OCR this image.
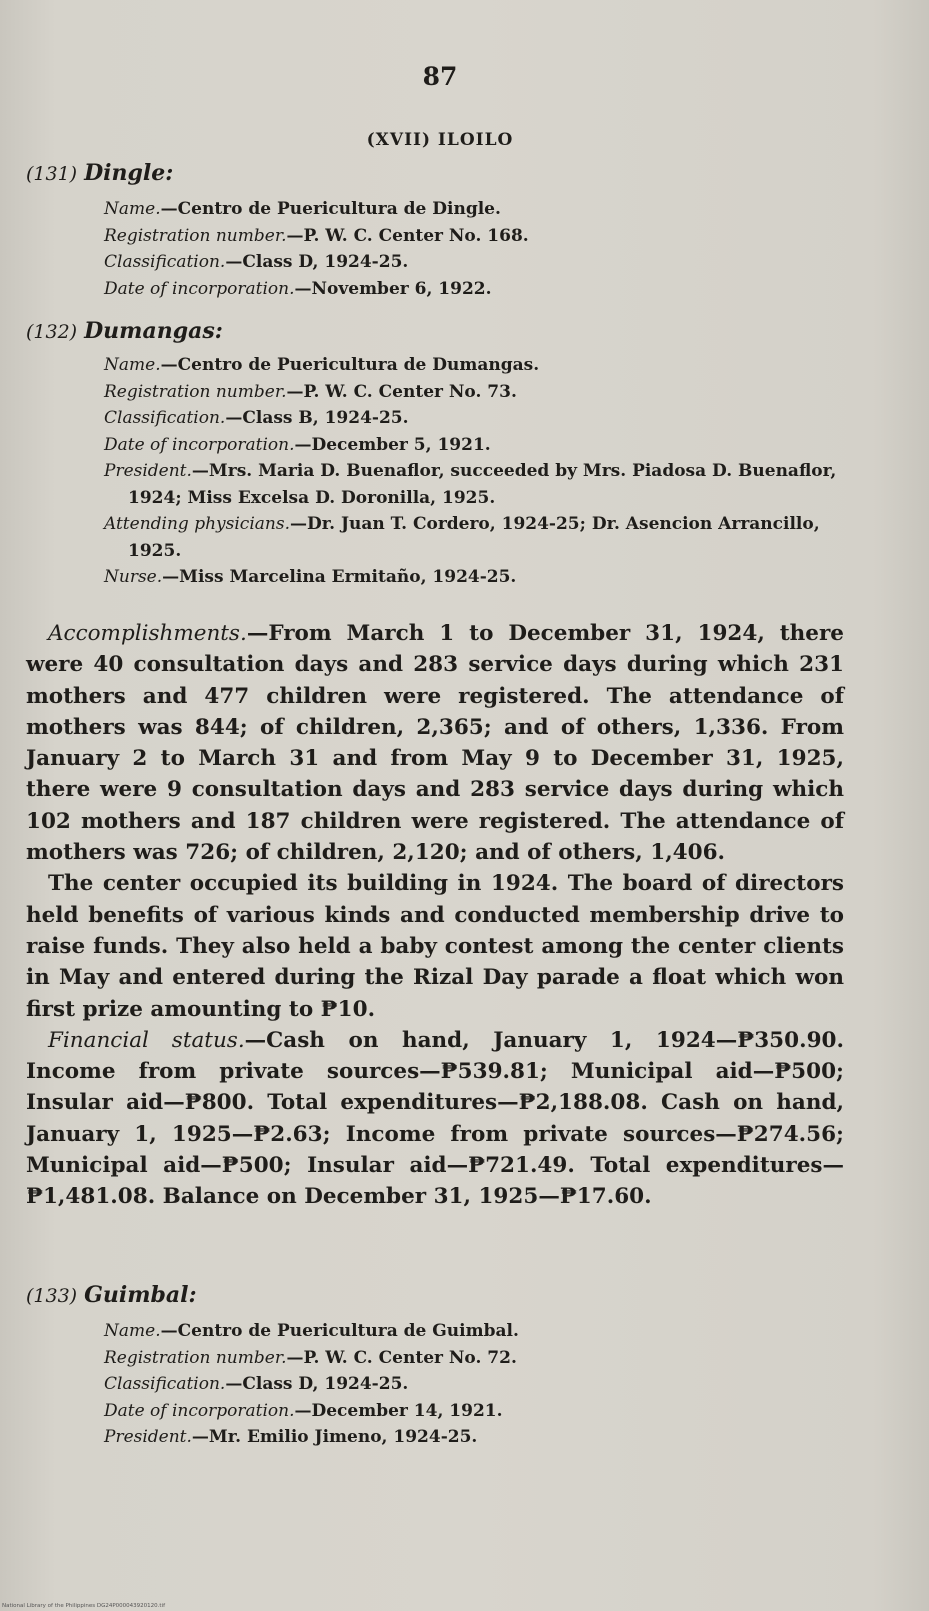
87
(XVII) ILOILO
(131) Dingle:
Name.—Centro de Puericultura de Dingle.
Registration number.—P. W. C. Center No. 168.
Classification.—Class D, 1924-25.
Date of incorporation.—November 6, 1922.
(132) Dumangas:
Name.—Centro de Puericultura de Dumangas.
Registration number.—P. W. C. Center No. 73.
Classification.—Class B, 1924-25.
Date of incorporation.—December 5, 1921.
President.—Mrs. Maria D. Buenaflor, succeeded by Mrs. Piadosa D. Buenaflor, 1924; Miss Excelsa D. Doronilla, 1925.
Attending physicians.—Dr. Juan T. Cordero, 1924-25; Dr. Asencion Arrancillo, 1925.
Nurse.—Miss Marcelina Ermitaño, 1924-25.

Accomplishments.—From March 1 to December 31, 1924, there were 40 consultation days and 283 service days during which 231 mothers and 477 children were registered. The attendance of mothers was 844; of children, 2,365; and of others, 1,336. From January 2 to March 31 and from May 9 to December 31, 1925, there were 9 consultation days and 283 service days during which 102 mothers and 187 children were registered. The attendance of mothers was 726; of children, 2,120; and of others, 1,406.

The center occupied its building in 1924. The board of directors held benefits of various kinds and conducted membership drive to raise funds. They also held a baby contest among the center clients in May and entered during the Rizal Day parade a float which won first prize amounting to ₱10.

Financial status.—Cash on hand, January 1, 1924—₱350.90. Income from private sources—₱539.81; Municipal aid—₱500; Insular aid—₱800. Total expenditures—₱2,188.08. Cash on hand, January 1, 1925—₱2.63; Income from private sources—₱274.56; Municipal aid—₱500; Insular aid—₱721.49. Total expenditures—₱1,481.08. Balance on December 31, 1925—₱17.60.

(133) Guimbal:
Name.—Centro de Puericultura de Guimbal.
Registration number.—P. W. C. Center No. 72.
Classification.—Class D, 1924-25.
Date of incorporation.—December 14, 1921.
President.—Mr. Emilio Jimeno, 1924-25.
National Library of the Philippines DG24P000043920120.tif
